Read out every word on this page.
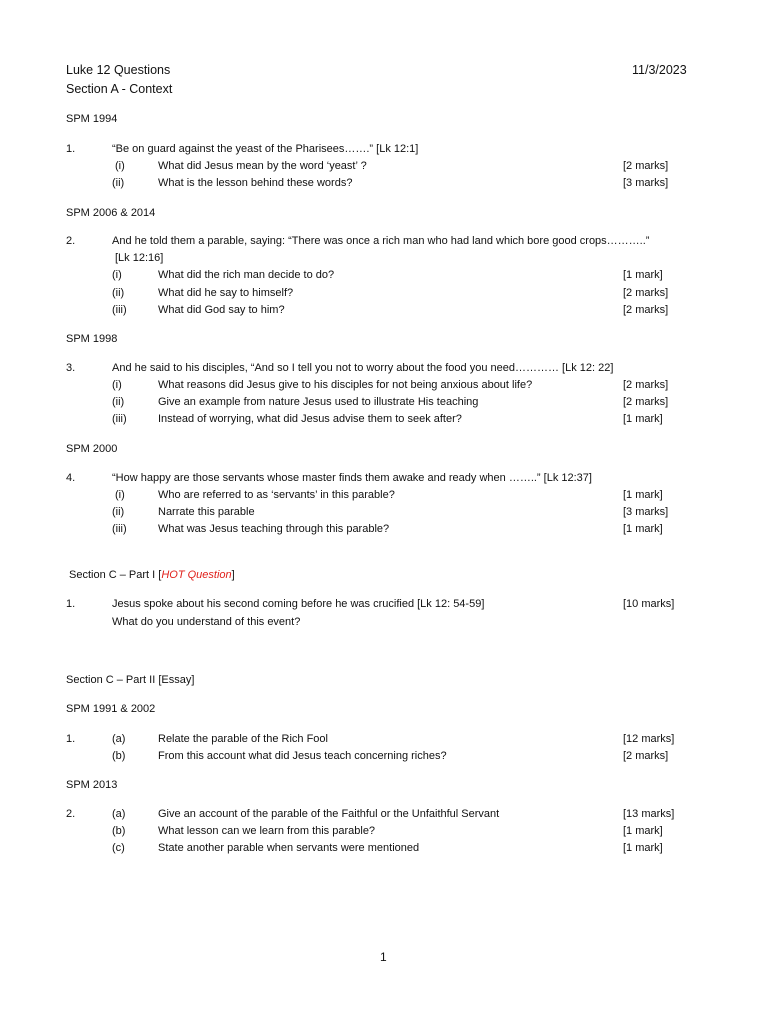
Luke 12 Questions	11/3/2023
Section A - Context
SPM 1994
1.	“Be on guard against the yeast of the Pharisees…….” [Lk 12:1]
(i)	What did Jesus mean by the word ‘yeast’ ?	[2 marks]
(ii)	What is the lesson behind these words?	[3 marks]
SPM 2006 & 2014
2.	And he told them a parable, saying: “There was once a rich man who had land which bore good crops………..”
[Lk 12:16]
(i)	What did the rich man decide to do?	[1 mark]
(ii)	What did he say to himself?	[2 marks]
(iii)	What did God say to him?	[2 marks]
SPM 1998
3.	And he said to his disciples, “And so I tell you not to worry about the food you need………… [Lk 12: 22]
(i)	What reasons did Jesus give to his disciples for not being anxious about life?	[2 marks]
(ii)	Give an example from nature Jesus used to illustrate His teaching	[2 marks]
(iii)	Instead of worrying, what did Jesus advise them to seek after?	[1 mark]
SPM 2000
4.	“How happy are those servants whose master finds them awake and ready when ……..” [Lk 12:37]
(i)	Who are referred to as ‘servants’ in this parable?	[1 mark]
(ii)	Narrate this parable	[3 marks]
(iii)	What was Jesus teaching through this parable?	[1 mark]
Section C – Part I [HOT Question]
1.	Jesus spoke about his second coming before he was crucified [Lk 12: 54-59]	[10 marks]
What do you understand of this event?
Section C – Part II [Essay]
SPM 1991 & 2002
1.	(a)	Relate the parable of the Rich Fool	[12 marks]
(b)	From this account what did Jesus teach concerning riches?	[2 marks]
SPM 2013
2.	(a)	Give an account of the parable of the Faithful or the Unfaithful Servant	[13 marks]
(b)	What lesson can we learn from this parable?	[1 mark]
(c)	State another parable when servants were mentioned	[1 mark]
1
